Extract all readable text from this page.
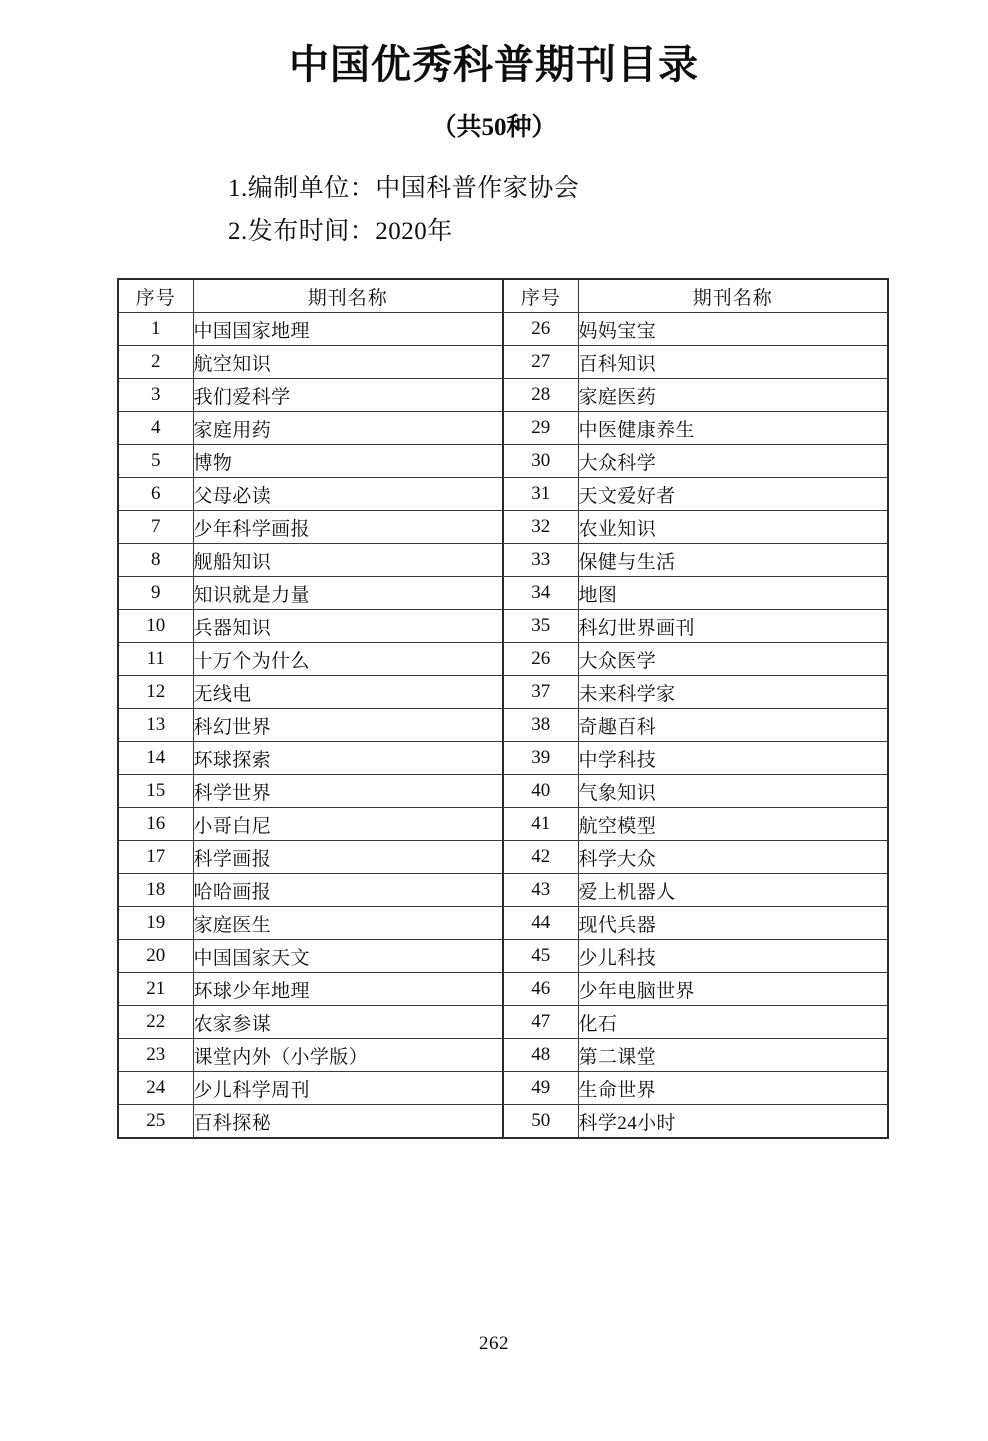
中国优秀科普期刊目录
（共50种）
1.编制单位：中国科普作家协会
2.发布时间：2020年
序号	期刊名称	序号	期刊名称
1	中国国家地理	26	妈妈宝宝
2	航空知识	27	百科知识
3	我们爱科学	28	家庭医药
4	家庭用药	29	中医健康养生
5	博物	30	大众科学
6	父母必读	31	天文爱好者
7	少年科学画报	32	农业知识
8	舰船知识	33	保健与生活
9	知识就是力量	34	地图
10	兵器知识	35	科幻世界画刊
11	十万个为什么	26	大众医学
12	无线电	37	未来科学家
13	科幻世界	38	奇趣百科
14	环球探索	39	中学科技
15	科学世界	40	气象知识
16	小哥白尼	41	航空模型
17	科学画报	42	科学大众
18	哈哈画报	43	爱上机器人
19	家庭医生	44	现代兵器
20	中国国家天文	45	少儿科技
21	环球少年地理	46	少年电脑世界
22	农家参谋	47	化石
23	课堂内外（小学版）	48	第二课堂
24	少儿科学周刊	49	生命世界
25	百科探秘	50	科学24小时
262
